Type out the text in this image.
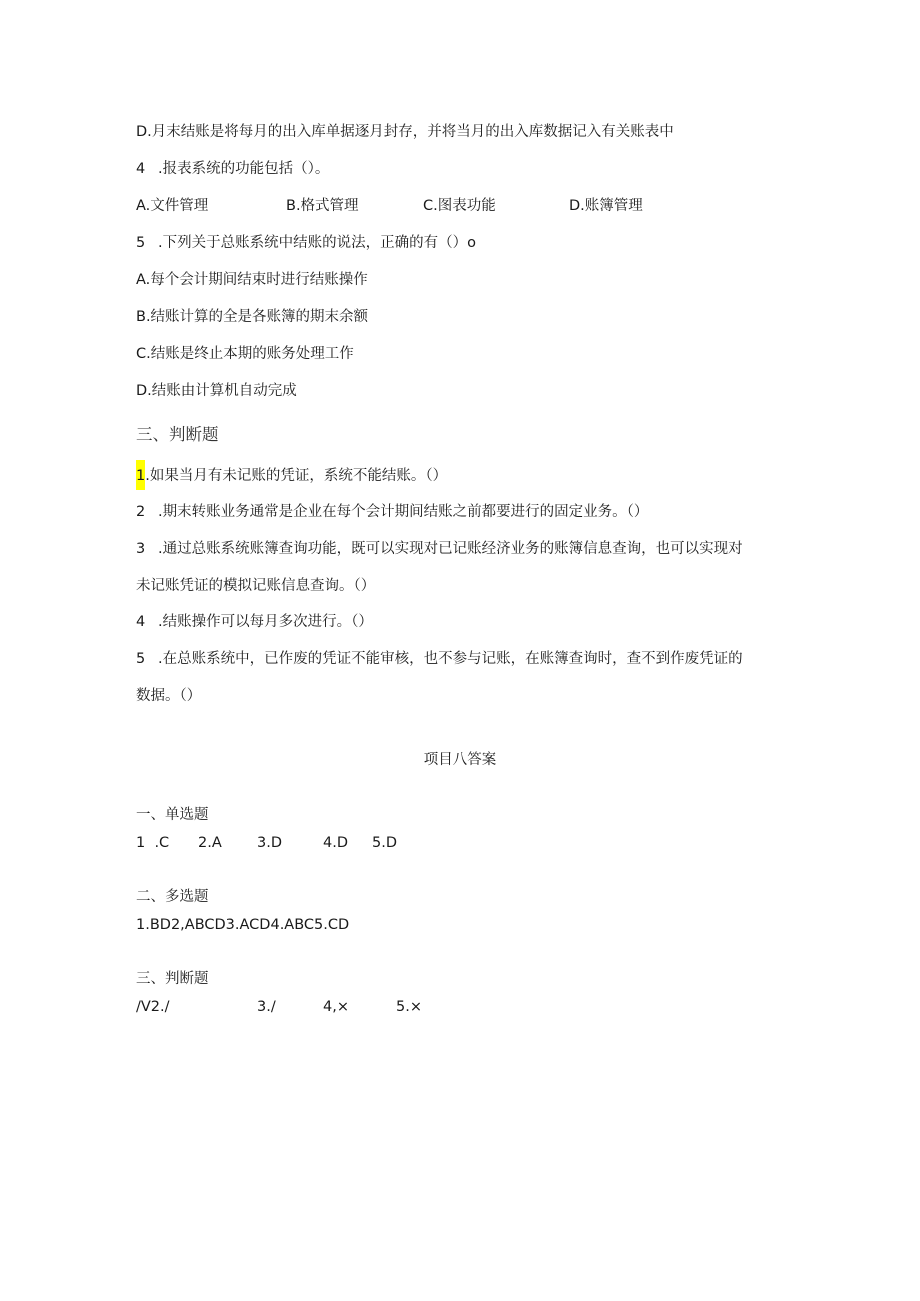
D.月末结账是将每月的出入库单据逐月封存，并将当月的出入库数据记入有关账表中
4 .报表系统的功能包括（）。
A.文件管理	B.格式管理	C.图表功能	D.账簿管理
5 .下列关于总账系统中结账的说法，正确的有（）o
A.每个会计期间结束时进行结账操作
B.结账计算的全是各账簿的期末余额
C.结账是终止本期的账务处理工作
D.结账由计算机自动完成
三、判断题
1.如果当月有未记账的凭证，系统不能结账。（）
2 .期末转账业务通常是企业在每个会计期间结账之前都要进行的固定业务。（）
3 .通过总账系统账簿查询功能，既可以实现对已记账经济业务的账簿信息查询，也可以实现对
未记账凭证的模拟记账信息查询。（）
4 .结账操作可以每月多次进行。（）
5 .在总账系统中，已作废的凭证不能审核，也不参与记账，在账簿查询时，查不到作废凭证的
数据。（）
项目八答案
一、单选题
1  .C 2.A 3.D	4.D 5.D
二、多选题
1.BD2,ABCD3.ACD4.ABC5.CD
三、判断题
/V2./	3./	4,×	5.×
